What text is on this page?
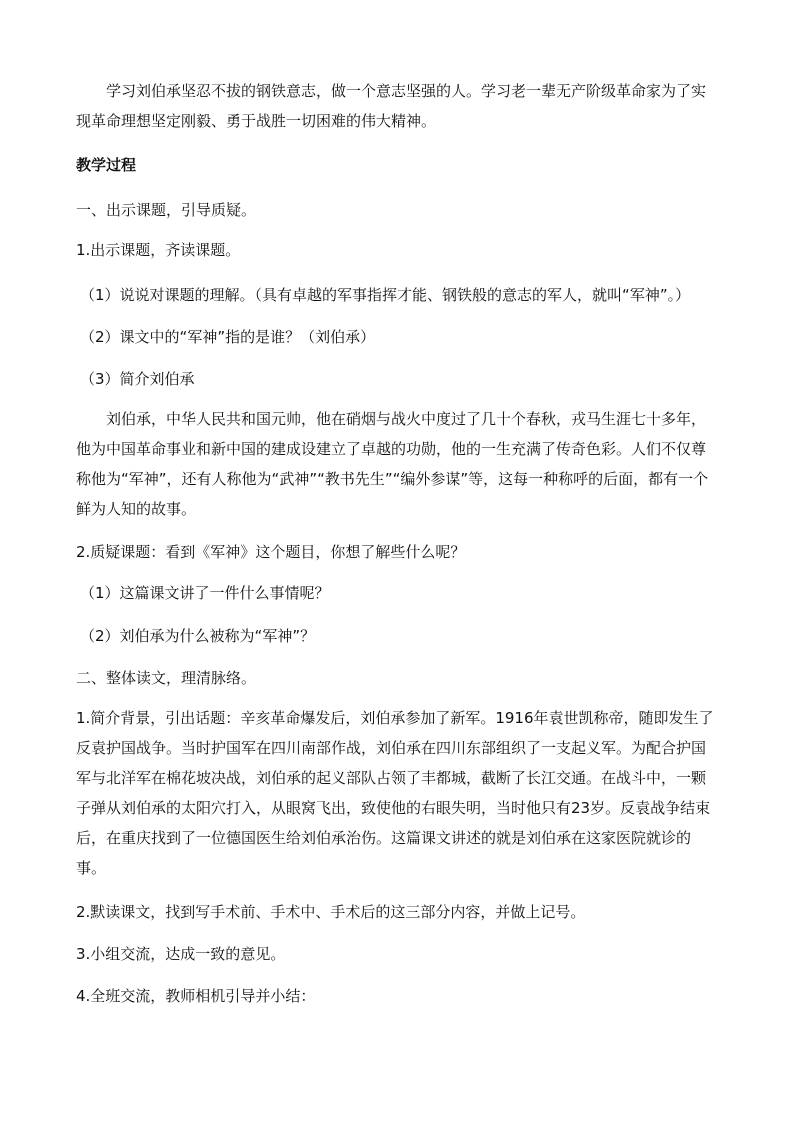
学习刘伯承坚忍不拔的钢铁意志，做一个意志坚强的人。学习老一辈无产阶级革命家为了实现革命理想坚定刚毅、勇于战胜一切困难的伟大精神。

教学过程

一、出示课题，引导质疑。

1.出示课题，齐读课题。

（1）说说对课题的理解。（具有卓越的军事指挥才能、钢铁般的意志的军人，就叫“军神”。）

（2）课文中的“军神”指的是谁？（刘伯承）

（3）简介刘伯承

刘伯承，中华人民共和国元帅，他在硝烟与战火中度过了几十个春秋，戎马生涯七十多年，他为中国革命事业和新中国的建成设建立了卓越的功勋，他的一生充满了传奇色彩。人们不仅尊称他为“军神”，还有人称他为“武神”“教书先生”“编外参谋”等，这每一种称呼的后面，都有一个鲜为人知的故事。

2.质疑课题：看到《军神》这个题目，你想了解些什么呢？

（1）这篇课文讲了一件什么事情呢？

（2）刘伯承为什么被称为“军神”？

二、整体读文，理清脉络。

1.简介背景，引出话题：辛亥革命爆发后，刘伯承参加了新军。1916年袁世凯称帝，随即发生了反袁护国战争。当时护国军在四川南部作战，刘伯承在四川东部组织了一支起义军。为配合护国军与北洋军在棉花坡决战，刘伯承的起义部队占领了丰都城，截断了长江交通。在战斗中，一颗子弹从刘伯承的太阳穴打入，从眼窝飞出，致使他的右眼失明，当时他只有23岁。反袁战争结束后，在重庆找到了一位德国医生给刘伯承治伤。这篇课文讲述的就是刘伯承在这家医院就诊的事。

2.默读课文，找到写手术前、手术中、手术后的这三部分内容，并做上记号。

3.小组交流，达成一致的意见。

4.全班交流，教师相机引导并小结：
